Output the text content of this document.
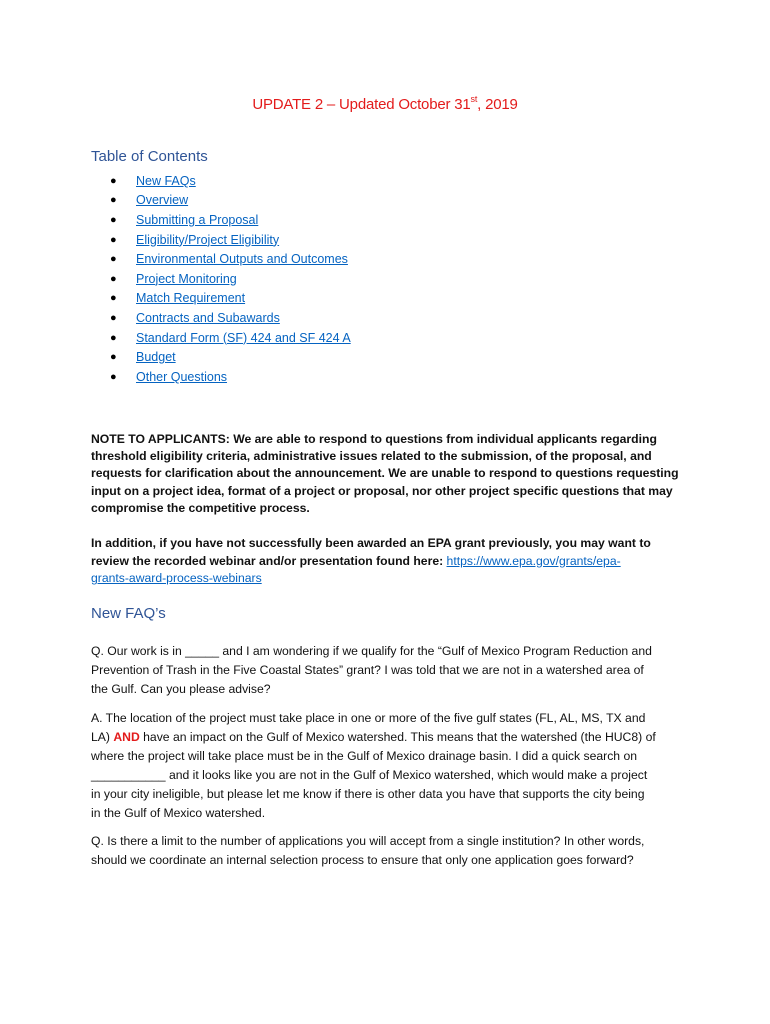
UPDATE 2 – Updated October 31st, 2019
Table of Contents
●	New FAQs
●	Overview
●	Submitting a Proposal
●	Eligibility/Project Eligibility
●	Environmental Outputs and Outcomes
●	Project Monitoring
●	Match Requirement
●	Contracts and Subawards
●	Standard Form (SF) 424 and SF 424 A
●	Budget
●	Other Questions

NOTE TO APPLICANTS: We are able to respond to questions from individual applicants regarding
threshold eligibility criteria, administrative issues related to the submission, of the proposal, and
requests for clarification about the announcement. We are unable to respond to questions requesting
input on a project idea, format of a project or proposal, nor other project specific questions that may
compromise the competitive process.

In addition, if you have not successfully been awarded an EPA grant previously, you may want to
review the recorded webinar and/or presentation found here: https://www.epa.gov/grants/epa-
grants-award-process-webinars

New FAQ’s

Q. Our work is in _____ and I am wondering if we qualify for the “Gulf of Mexico Program Reduction and
Prevention of Trash in the Five Coastal States” grant? I was told that we are not in a watershed area of
the Gulf. Can you please advise?

A. The location of the project must take place in one or more of the five gulf states (FL, AL, MS, TX and
LA) AND have an impact on the Gulf of Mexico watershed. This means that the watershed (the HUC8) of
where the project will take place must be in the Gulf of Mexico drainage basin. I did a quick search on
___________ and it looks like you are not in the Gulf of Mexico watershed, which would make a project
in your city ineligible, but please let me know if there is other data you have that supports the city being
in the Gulf of Mexico watershed.

Q. Is there a limit to the number of applications you will accept from a single institution? In other words,
should we coordinate an internal selection process to ensure that only one application goes forward?
